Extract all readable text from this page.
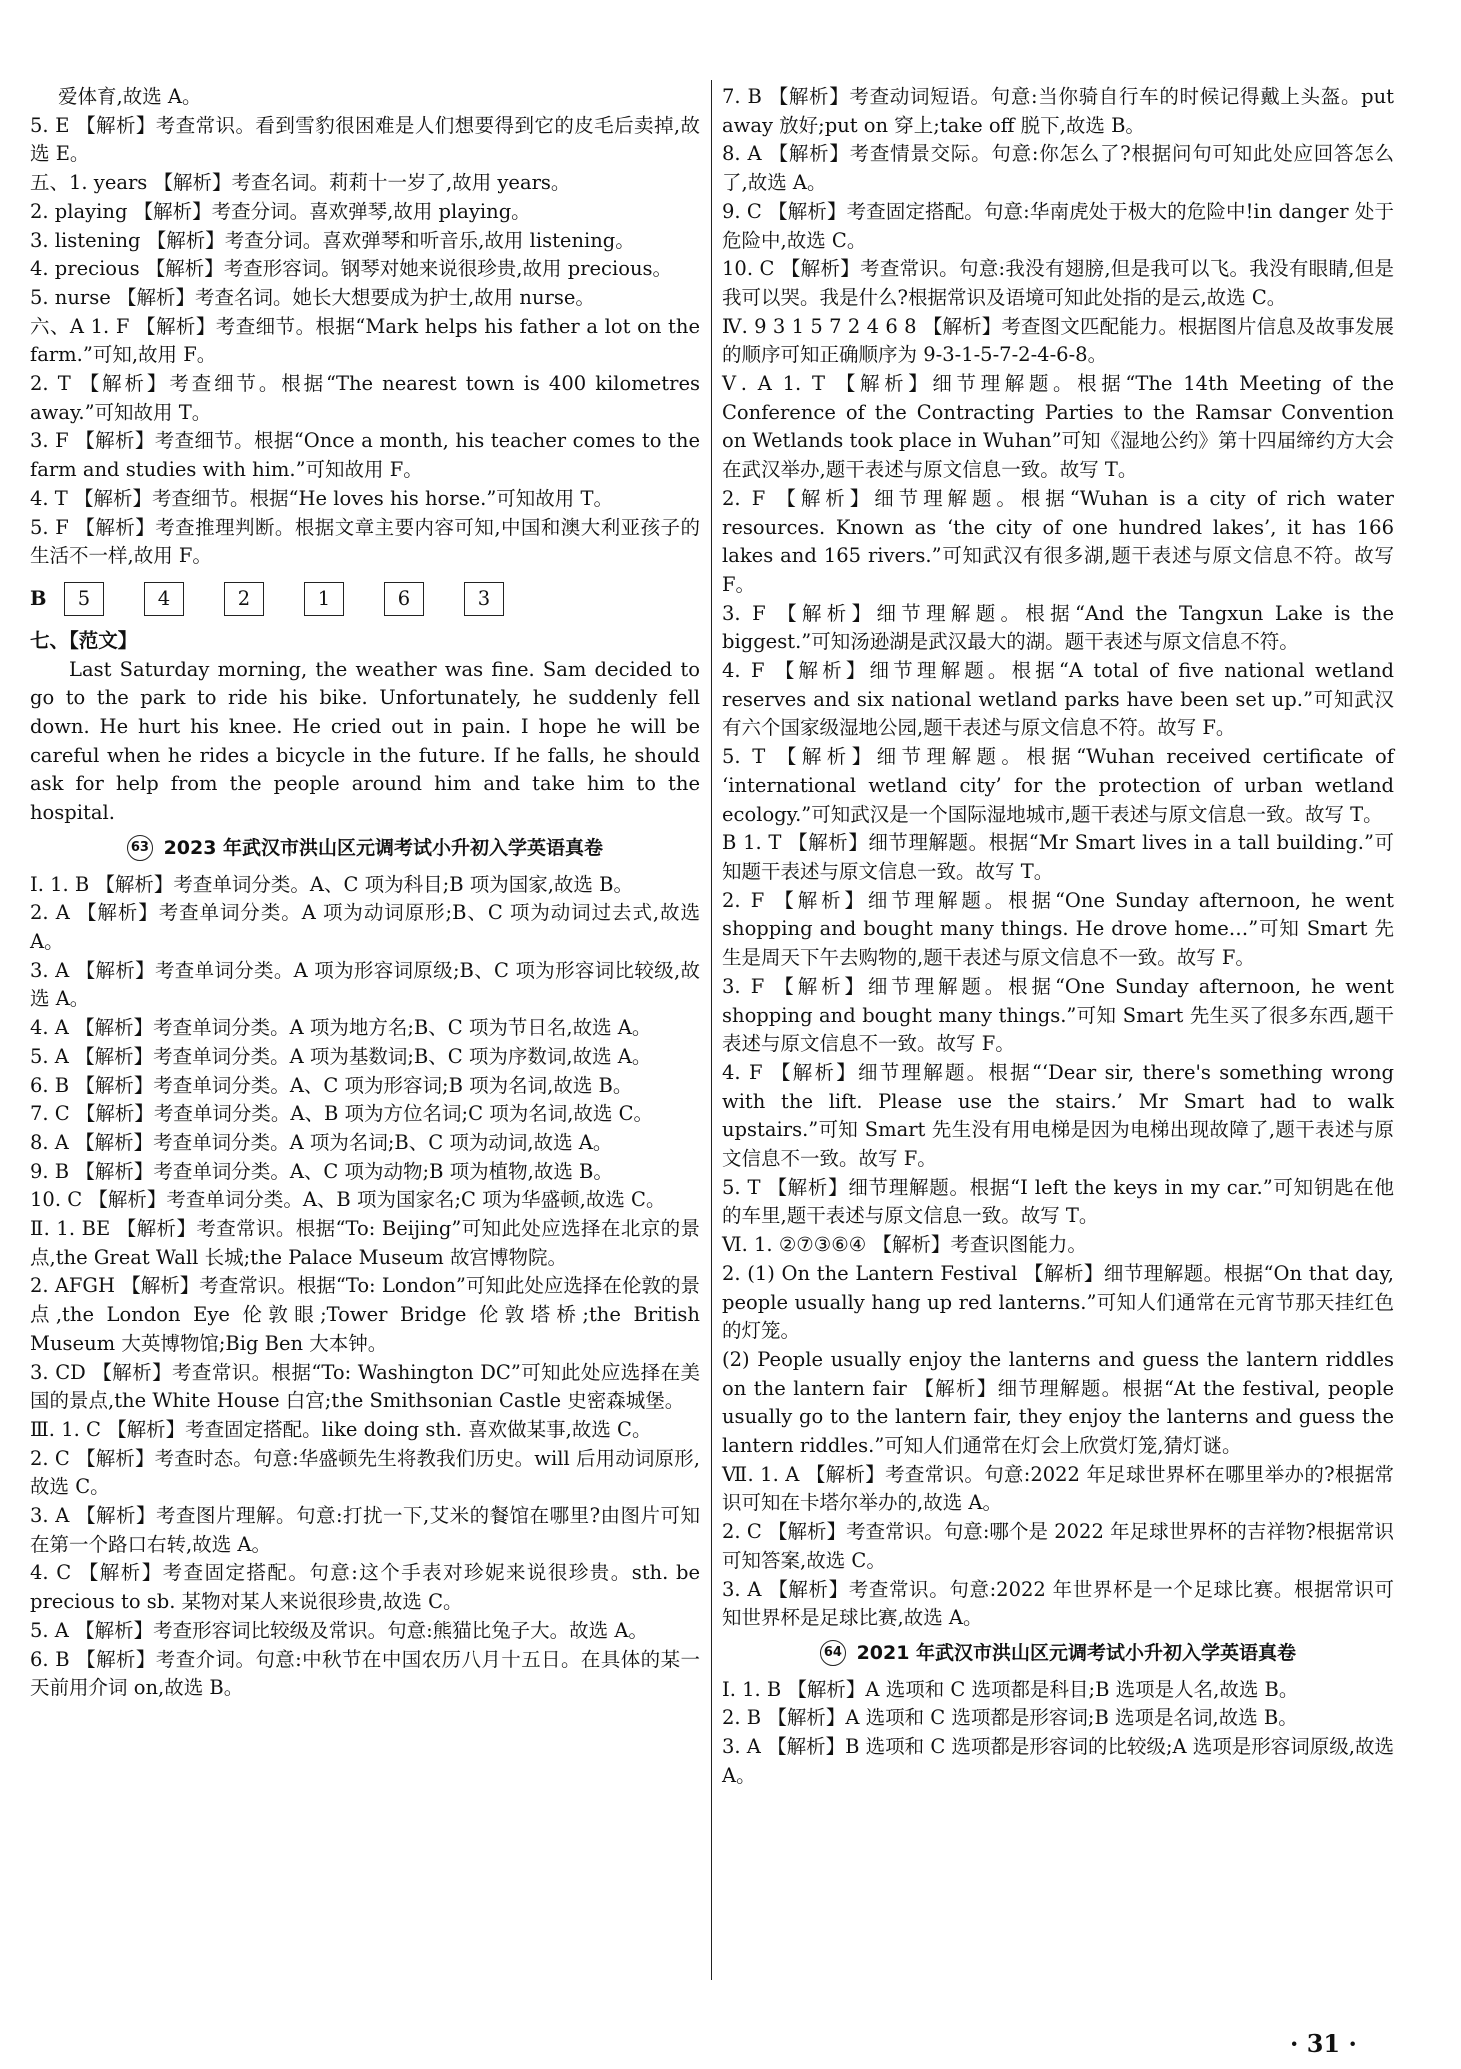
爱体育,故选 A。

5. E 【解析】考查常识。看到雪豹很困难是人们想要得到它的皮毛后卖掉,故选 E。

五、1. years 【解析】考查名词。莉莉十一岁了,故用 years。

2. playing 【解析】考查分词。喜欢弹琴,故用 playing。

3. listening 【解析】考查分词。喜欢弹琴和听音乐,故用 listening。

4. precious 【解析】考查形容词。钢琴对她来说很珍贵,故用 precious。

5. nurse 【解析】考查名词。她长大想要成为护士,故用 nurse。

六、A 1. F 【解析】考查细节。根据“Mark helps his father a lot on the farm.”可知,故用 F。

2. T 【解析】考查细节。根据“The nearest town is 400 kilometres away.”可知故用 T。

3. F 【解析】考查细节。根据“Once a month, his teacher comes to the farm and studies with him.”可知故用 F。

4. T 【解析】考查细节。根据“He loves his horse.”可知故用 T。

5. F 【解析】考查推理判断。根据文章主要内容可知,中国和澳大利亚孩子的生活不一样,故用 F。

B	5	4	2	1	6	3

七、【范文】

Last Saturday morning, the weather was fine. Sam decided to go to the park to ride his bike. Unfortunately, he suddenly fell down. He hurt his knee. He cried out in pain. I hope he will be careful when he rides a bicycle in the future. If he falls, he should ask for help from the people around him and take him to the hospital.

63 2023 年武汉市洪山区元调考试小升初入学英语真卷

Ⅰ. 1. B 【解析】考查单词分类。A、C 项为科目;B 项为国家,故选 B。

2. A 【解析】考查单词分类。A 项为动词原形;B、C 项为动词过去式,故选 A。

3. A 【解析】考查单词分类。A 项为形容词原级;B、C 项为形容词比较级,故选 A。

4. A 【解析】考查单词分类。A 项为地方名;B、C 项为节日名,故选 A。

5. A 【解析】考查单词分类。A 项为基数词;B、C 项为序数词,故选 A。

6. B 【解析】考查单词分类。A、C 项为形容词;B 项为名词,故选 B。

7. C 【解析】考查单词分类。A、B 项为方位名词;C 项为名词,故选 C。

8. A 【解析】考查单词分类。A 项为名词;B、C 项为动词,故选 A。

9. B 【解析】考查单词分类。A、C 项为动物;B 项为植物,故选 B。

10. C 【解析】考查单词分类。A、B 项为国家名;C 项为华盛顿,故选 C。

Ⅱ. 1. BE 【解析】考查常识。根据“To: Beijing”可知此处应选择在北京的景点,the Great Wall 长城;the Palace Museum 故宫博物院。

2. AFGH 【解析】考查常识。根据“To: London”可知此处应选择在伦敦的景点,the London Eye 伦敦眼;Tower Bridge 伦敦塔桥;the British Museum 大英博物馆;Big Ben 大本钟。

3. CD 【解析】考查常识。根据“To: Washington DC”可知此处应选择在美国的景点,the White House 白宫;the Smithsonian Castle 史密森城堡。

Ⅲ. 1. C 【解析】考查固定搭配。like doing sth. 喜欢做某事,故选 C。

2. C 【解析】考查时态。句意:华盛顿先生将教我们历史。will 后用动词原形,故选 C。

3. A 【解析】考查图片理解。句意:打扰一下,艾米的餐馆在哪里?由图片可知在第一个路口右转,故选 A。

4. C 【解析】考查固定搭配。句意:这个手表对珍妮来说很珍贵。sth. be precious to sb. 某物对某人来说很珍贵,故选 C。

5. A 【解析】考查形容词比较级及常识。句意:熊猫比兔子大。故选 A。

6. B 【解析】考查介词。句意:中秋节在中国农历八月十五日。在具体的某一天前用介词 on,故选 B。

7. B 【解析】考查动词短语。句意:当你骑自行车的时候记得戴上头盔。put away 放好;put on 穿上;take off 脱下,故选 B。

8. A 【解析】考查情景交际。句意:你怎么了?根据问句可知此处应回答怎么了,故选 A。

9. C 【解析】考查固定搭配。句意:华南虎处于极大的危险中!in danger 处于危险中,故选 C。

10. C 【解析】考查常识。句意:我没有翅膀,但是我可以飞。我没有眼睛,但是我可以哭。我是什么?根据常识及语境可知此处指的是云,故选 C。

Ⅳ. 9 3 1 5 7 2 4 6 8 【解析】考查图文匹配能力。根据图片信息及故事发展的顺序可知正确顺序为 9-3-1-5-7-2-4-6-8。

Ⅴ. A 1. T 【解析】细节理解题。根据“The 14th Meeting of the Conference of the Contracting Parties to the Ramsar Convention on Wetlands took place in Wuhan”可知《湿地公约》第十四届缔约方大会在武汉举办,题干表述与原文信息一致。故写 T。

2. F 【解析】细节理解题。根据“Wuhan is a city of rich water resources. Known as ‘the city of one hundred lakes’, it has 166 lakes and 165 rivers.”可知武汉有很多湖,题干表述与原文信息不符。故写 F。

3. F 【解析】细节理解题。根据“And the Tangxun Lake is the biggest.”可知汤逊湖是武汉最大的湖。题干表述与原文信息不符。

4. F 【解析】细节理解题。根据“A total of five national wetland reserves and six national wetland parks have been set up.”可知武汉有六个国家级湿地公园,题干表述与原文信息不符。故写 F。

5. T 【解析】细节理解题。根据“Wuhan received certificate of ‘international wetland city’ for the protection of urban wetland ecology.”可知武汉是一个国际湿地城市,题干表述与原文信息一致。故写 T。

B 1. T 【解析】细节理解题。根据“Mr Smart lives in a tall building.”可知题干表述与原文信息一致。故写 T。

2. F 【解析】细节理解题。根据“One Sunday afternoon, he went shopping and bought many things. He drove home…”可知 Smart 先生是周天下午去购物的,题干表述与原文信息不一致。故写 F。

3. F 【解析】细节理解题。根据“One Sunday afternoon, he went shopping and bought many things.”可知 Smart 先生买了很多东西,题干表述与原文信息不一致。故写 F。

4. F 【解析】细节理解题。根据“‘Dear sir, there's something wrong with the lift. Please use the stairs.’ Mr Smart had to walk upstairs.”可知 Smart 先生没有用电梯是因为电梯出现故障了,题干表述与原文信息不一致。故写 F。

5. T 【解析】细节理解题。根据“I left the keys in my car.”可知钥匙在他的车里,题干表述与原文信息一致。故写 T。

Ⅵ. 1. ②⑦③⑥④ 【解析】考查识图能力。

2. (1) On the Lantern Festival 【解析】细节理解题。根据“On that day, people usually hang up red lanterns.”可知人们通常在元宵节那天挂红色的灯笼。

(2) People usually enjoy the lanterns and guess the lantern riddles on the lantern fair 【解析】细节理解题。根据“At the festival, people usually go to the lantern fair, they enjoy the lanterns and guess the lantern riddles.”可知人们通常在灯会上欣赏灯笼,猜灯谜。

Ⅶ. 1. A 【解析】考查常识。句意:2022 年足球世界杯在哪里举办的?根据常识可知在卡塔尔举办的,故选 A。

2. C 【解析】考查常识。句意:哪个是 2022 年足球世界杯的吉祥物?根据常识可知答案,故选 C。

3. A 【解析】考查常识。句意:2022 年世界杯是一个足球比赛。根据常识可知世界杯是足球比赛,故选 A。

64 2021 年武汉市洪山区元调考试小升初入学英语真卷

Ⅰ. 1. B 【解析】A 选项和 C 选项都是科目;B 选项是人名,故选 B。

2. B 【解析】A 选项和 C 选项都是形容词;B 选项是名词,故选 B。

3. A 【解析】B 选项和 C 选项都是形容词的比较级;A 选项是形容词原级,故选 A。

· 31 ·
